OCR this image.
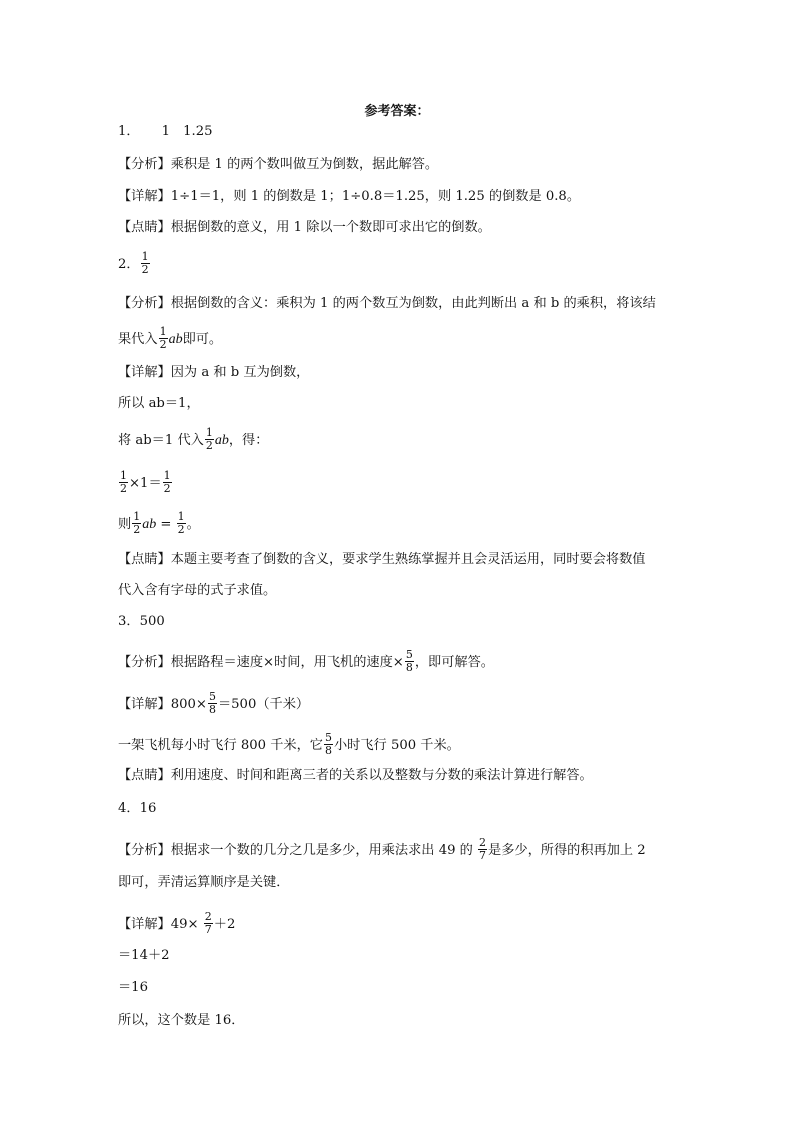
参考答案：
1． 1　1.25
【分析】乘积是 1 的两个数叫做互为倒数，据此解答。
【详解】1÷1＝1，则 1 的倒数是 1；1÷0.8＝1.25，则 1.25 的倒数是 0.8。
【点睛】根据倒数的意义，用 1 除以一个数即可求出它的倒数。
2． $\frac{1}{2}$
【分析】根据倒数的含义：乘积为 1 的两个数互为倒数，由此判断出 a 和 b 的乘积，将该结
果代入 $\frac{1}{2}$ ab即可。
【详解】因为 a 和 b 互为倒数，
所以 ab＝1，
将 ab＝1 代入 $\frac{1}{2}$ ab，得：
$\frac{1}{2} \times 1= \frac{1}{2}$
则 $\frac{1}{2}$ ab = $\frac{1}{2}$ 。
【点睛】本题主要考查了倒数的含义，要求学生熟练掌握并且会灵活运用，同时要会将数值
代入含有字母的式子求值。
3．500
【分析】根据路程＝速度×时间，用飞机的速度× $\frac{5}{8}$ ，即可解答。
【详解】$800\times \frac{5}{8} =500$（千米）
一架飞机每小时飞行 800 千米，它 $\frac{5}{8}$ 小时飞行 500 千米。
【点睛】利用速度、时间和距离三者的关系以及整数与分数的乘法计算进行解答。
4．16
【分析】根据求一个数的几分之几是多少，用乘法求出 49 的 $\frac{2}{7}$ 是多少，所得的积再加上 2
即可，弄清运算顺序是关键．
【详解】$49\times \frac{2}{7} +2$
＝14＋2
＝16
所以，这个数是 16．
